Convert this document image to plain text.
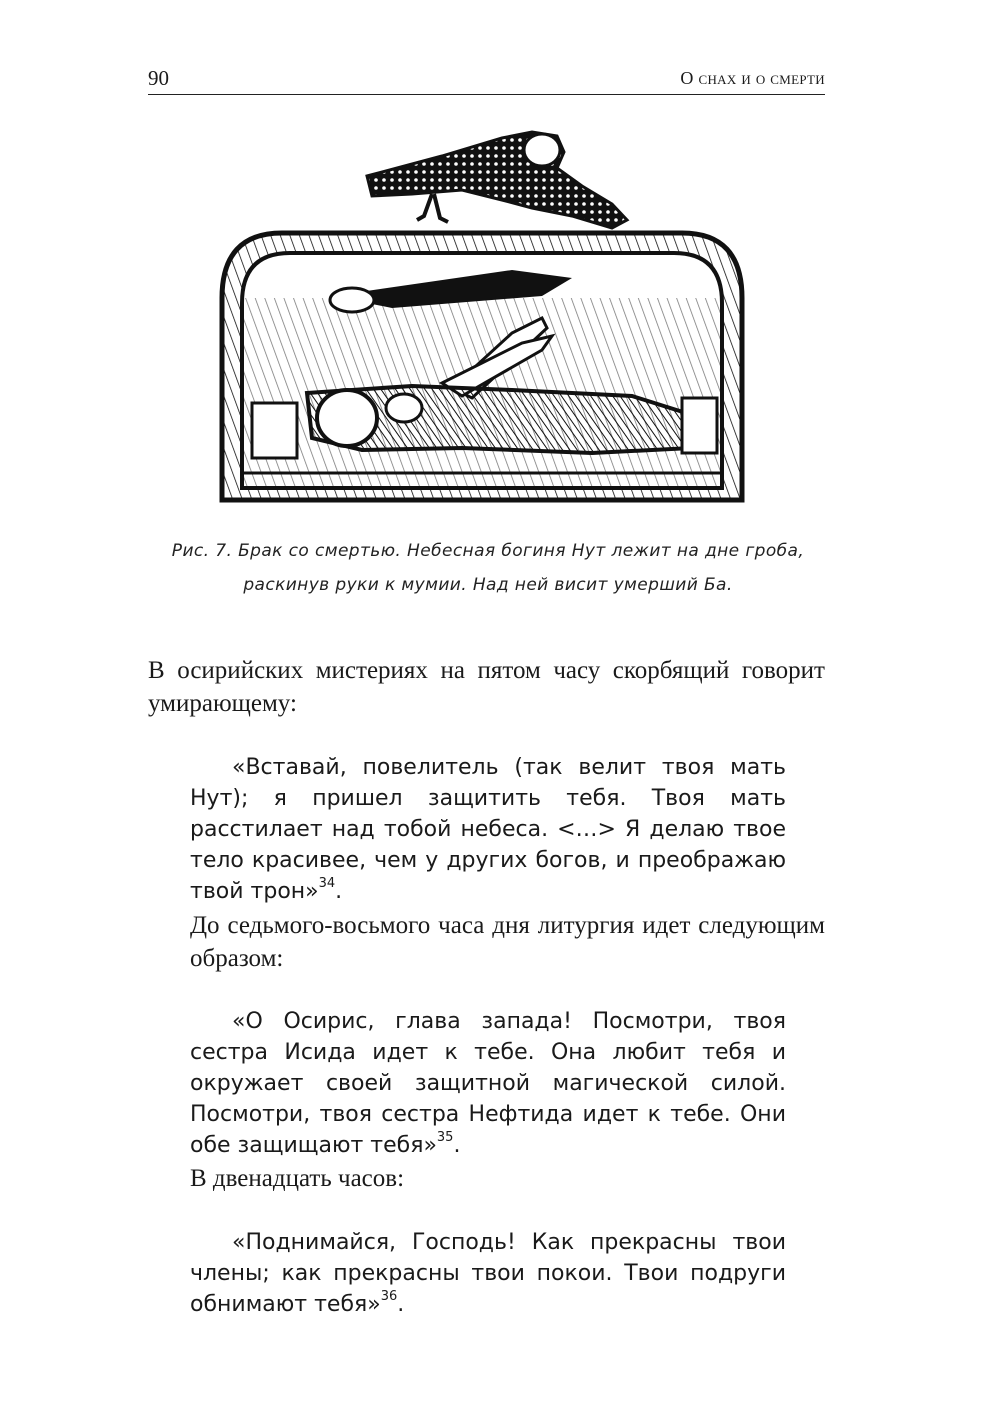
90	О снах и о смерти
Рис. 7. Брак со смертью. Небесная богиня Нут лежит на дне гроба, раскинув руки к мумии. Над ней висит умерший Ба.

В осирийских мистериях на пятом часу скорбящий говорит умирающему:

«Вставай, повелитель (так велит твоя мать Нут); я пришел защитить тебя. Твоя мать расстилает над тобой небеса. <…> Я делаю твое тело красивее, чем у других богов, и преображаю твой трон»$^{34}$.

До седьмого-восьмого часа дня литургия идет следующим образом:

«О Осирис, глава запада! Посмотри, твоя сестра Исида идет к тебе. Она любит тебя и окружает своей защитной магической силой. Посмотри, твоя сестра Нефтида идет к тебе. Они обе защищают тебя»$^{35}$.

В двенадцать часов:

«Поднимайся, Господь! Как прекрасны твои члены; как прекрасны твои покои. Твои подруги обнимают тебя»$^{36}$.
